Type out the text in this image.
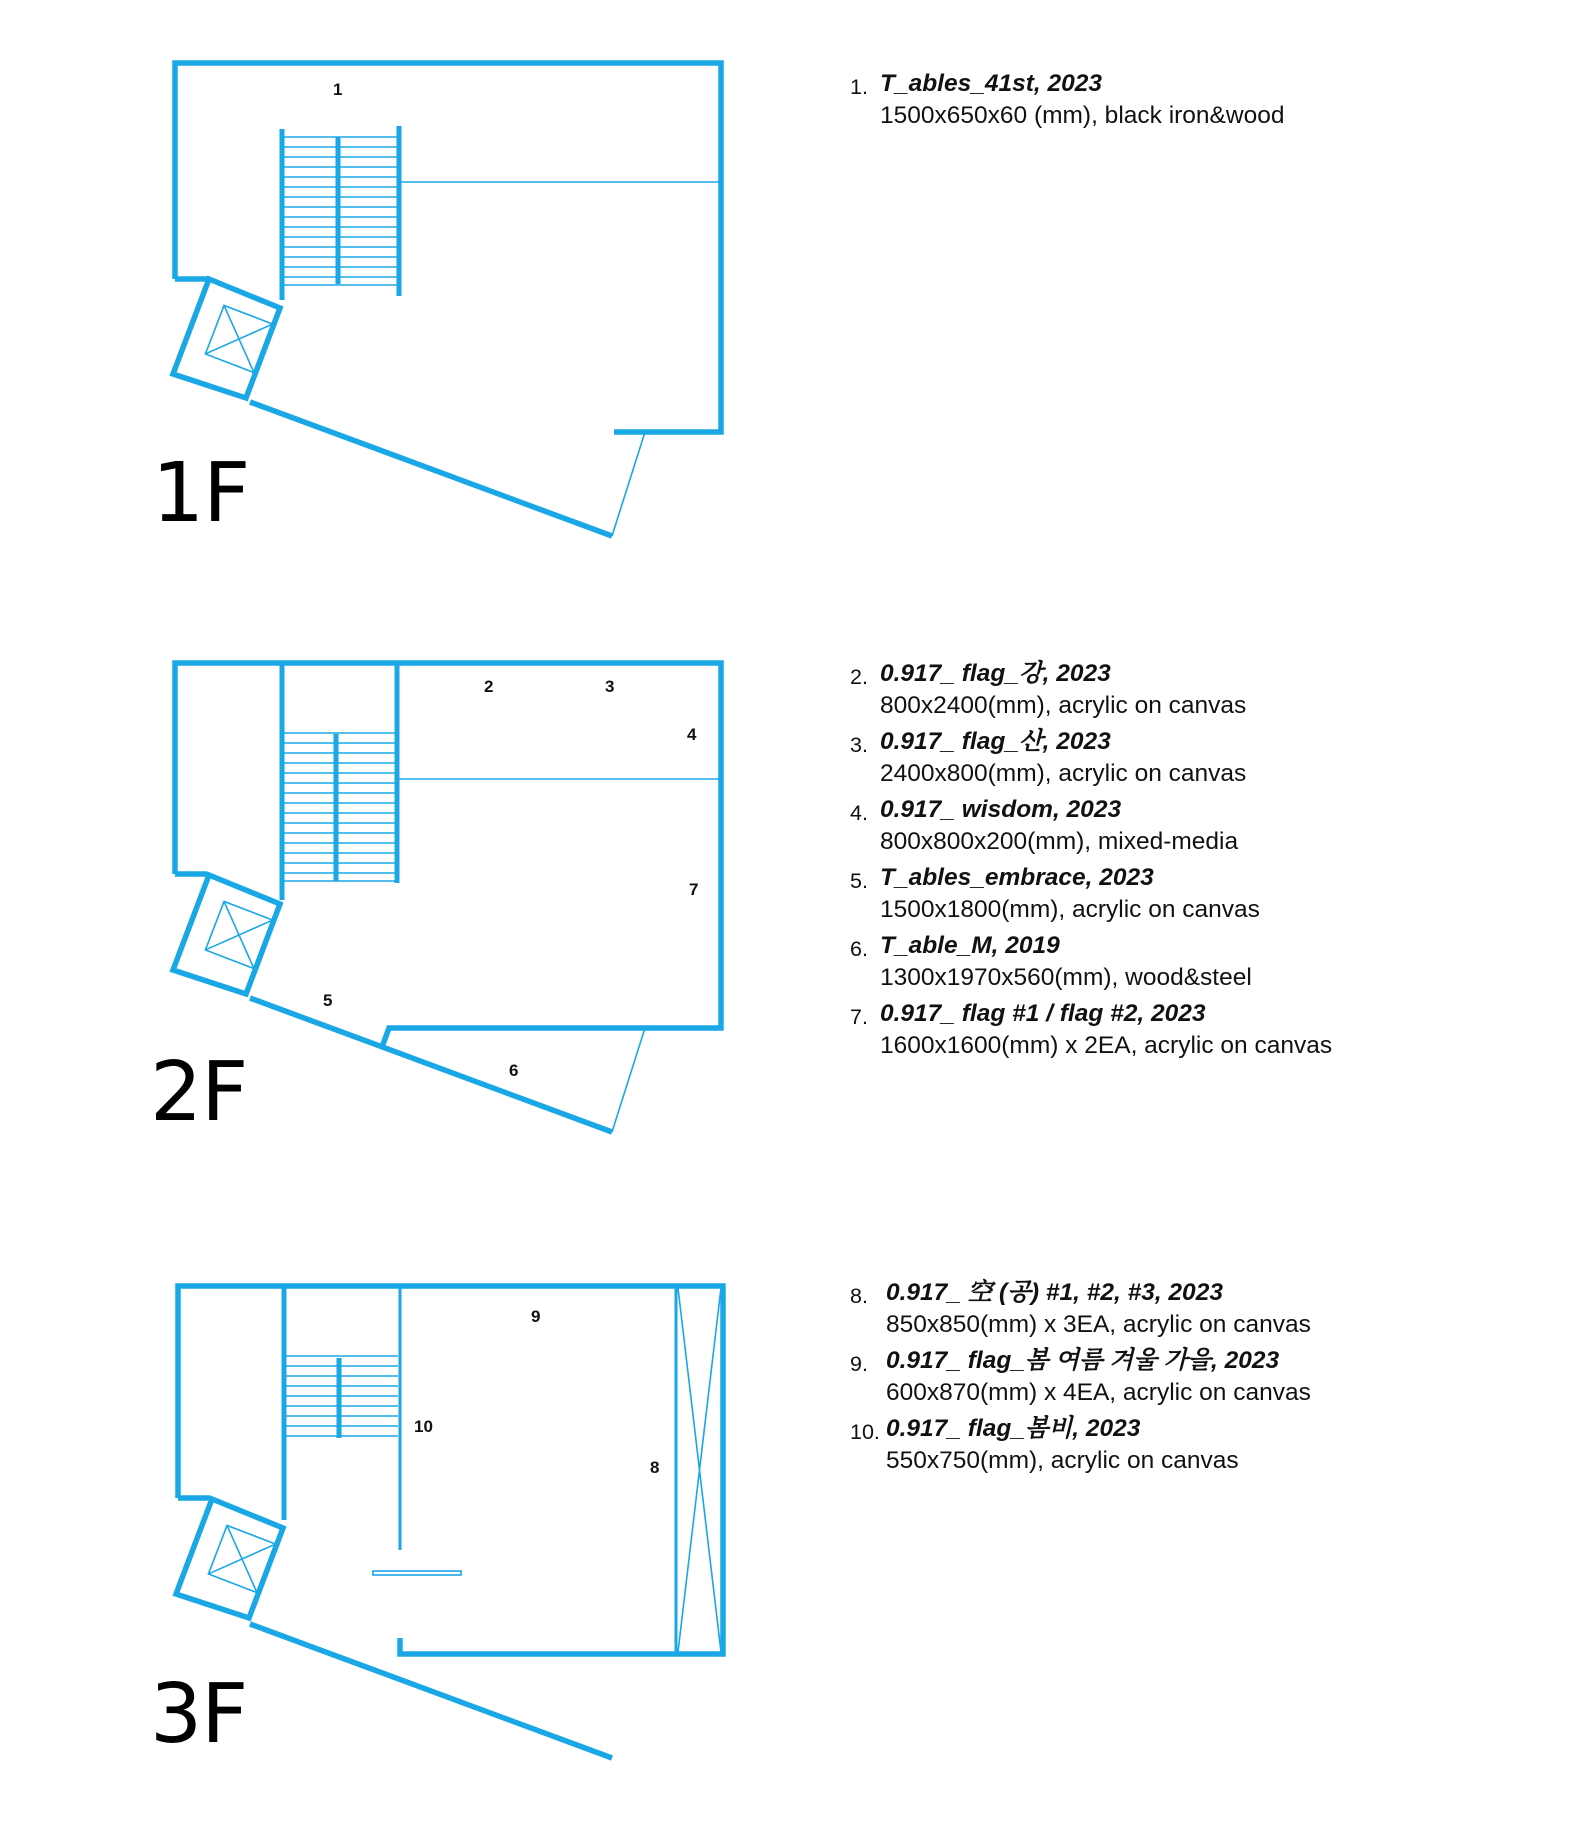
1
1F
2	3
4
7
5
6
2F
9
10
8
3F
1. T_ables_41st, 2023
1500x650x60 (mm), black iron&wood
2. 0.917_ flag_강, 2023
800x2400(mm), acrylic on canvas
3. 0.917_ flag_산, 2023
2400x800(mm), acrylic on canvas
4. 0.917_ wisdom, 2023
800x800x200(mm), mixed-media
5. T_ables_embrace, 2023
1500x1800(mm), acrylic on canvas
6. T_able_M, 2019
1300x1970x560(mm), wood&steel
7. 0.917_ flag #1 / flag #2, 2023
1600x1600(mm) x 2EA, acrylic on canvas
8. 0.917_ 空 (공) #1, #2, #3, 2023
850x850(mm) x 3EA, acrylic on canvas
9. 0.917_ flag_봄 여름 겨울 가을, 2023
600x870(mm) x 4EA, acrylic on canvas
10. 0.917_ flag_봄비, 2023
550x750(mm), acrylic on canvas
